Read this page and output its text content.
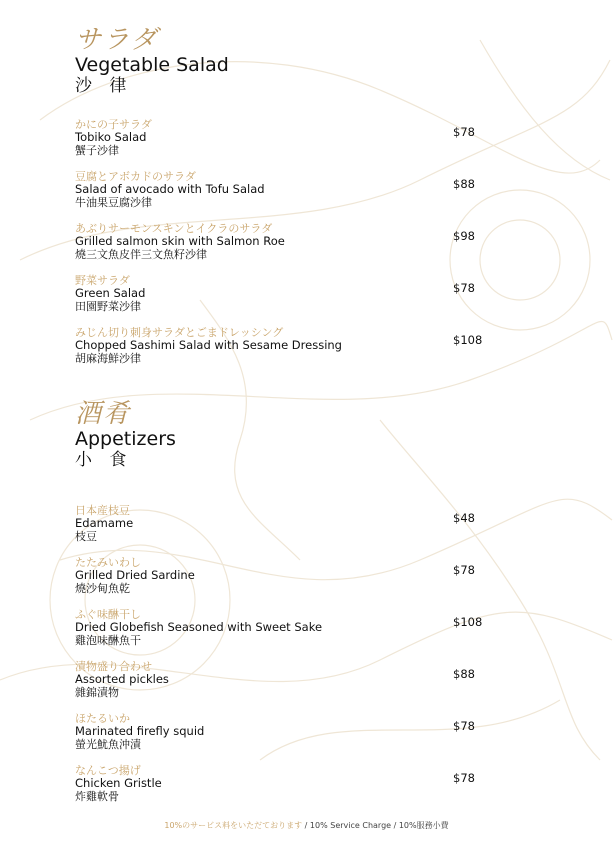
サラダ
Vegetable Salad
沙 律
かにの子サラダ
Tobiko Salad
蟹子沙律
$78
豆腐とアボカドのサラダ
Salad of avocado with Tofu Salad
牛油果豆腐沙律
$88
あぶりサーモンスキンとイクラのサラダ
Grilled salmon skin with Salmon Roe
燒三文魚皮伴三文魚籽沙律
$98
野菜サラダ
Green Salad
田園野菜沙律
$78
みじん切り刺身サラダとごまドレッシング
Chopped Sashimi Salad with Sesame Dressing
胡麻海鮮沙律
$108
酒肴
Appetizers
小 食
日本産枝豆
Edamame
枝豆
$48
たたみいわし
Grilled Dried Sardine
燒沙甸魚乾
$78
ふぐ味醂干し
Dried Globefish Seasoned with Sweet Sake
雞泡味醂魚干
$108
漬物盛り合わせ
Assorted pickles
雜錦漬物
$88
ほたるいか
Marinated firefly squid
螢光魷魚沖漬
$78
なんこつ揚げ
Chicken Gristle
炸雞軟骨
$78
10%のサービス料をいただております / 10% Service Charge / 10%服務小費
